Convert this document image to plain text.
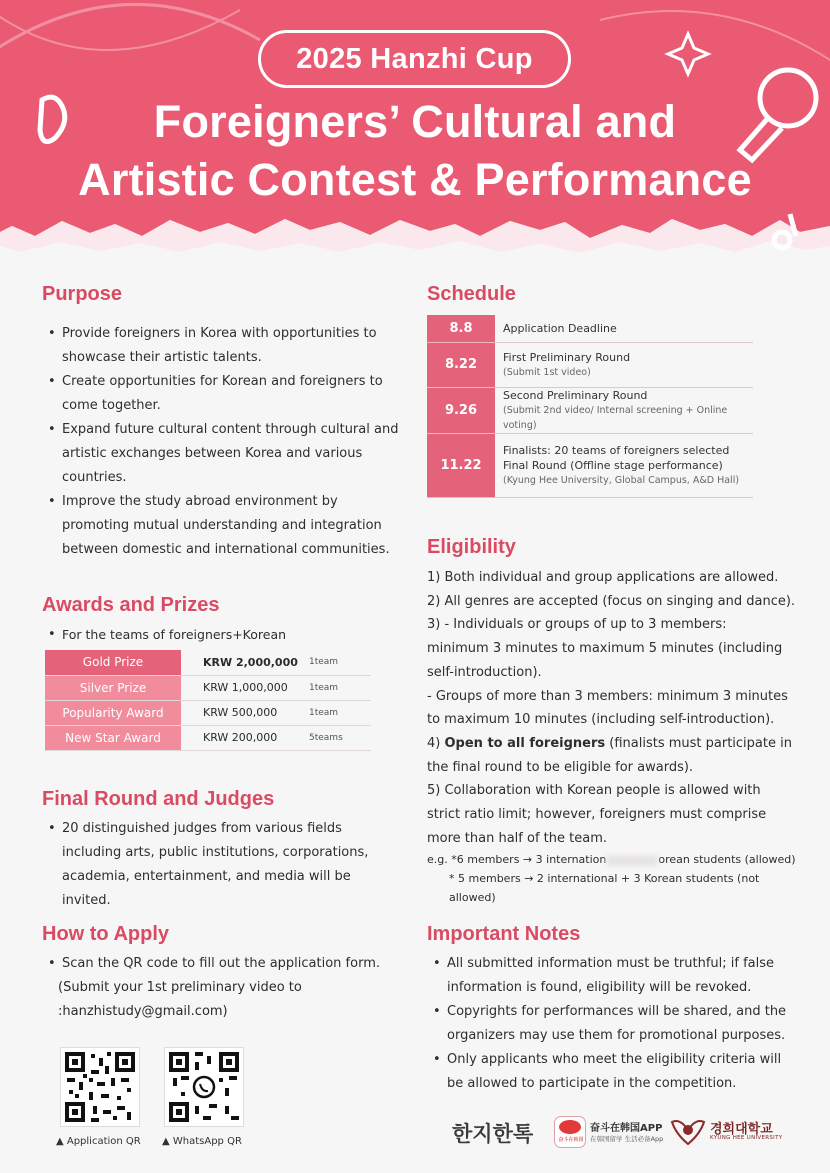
2025 Hanzhi Cup
Foreigners’ Cultural and
Artistic Contest & Performance
Purpose
• Provide foreigners in Korea with opportunities to showcase their artistic talents.
• Create opportunities for Korean and foreigners to come together.
• Expand future cultural content through cultural and artistic exchanges between Korea and various countries.
• Improve the study abroad environment by promoting mutual understanding and integration between domestic and international communities.
Awards and Prizes
• For the teams of foreigners+Korean
Gold Prize	KRW 2,000,000	1team
Silver Prize	KRW 1,000,000	1team
Popularity Award	KRW 500,000	1team
New Star Award	KRW 200,000	5teams
Final Round and Judges
• 20 distinguished judges from various fields including arts, public institutions, corporations, academia, entertainment, and media will be invited.
How to Apply
• Scan the QR code to fill out the application form.
(Submit your 1st preliminary video to
:hanzhistudy@gmail.com)
▲ Application QR ▲ WhatsApp QR
Schedule
8.8	Application Deadline
8.22	First Preliminary Round
(Submit 1st video)

9.26	Second Preliminary Round
(Submit 2nd video/ Internal screening + Online voting)

11.22	Finalists: 20 teams of foreigners selected
Final Round (Offline stage performance)
(Kyung Hee University, Global Campus, A&D Hall)
Eligibility

1) Both individual and group applications are allowed.

2) All genres are accepted (focus on singing and dance).

3) - Individuals or groups of up to 3 members:

minimum 3 minutes to maximum 5 minutes (including

self-introduction).

- Groups of more than 3 members: minimum 3 minutes

to maximum 10 minutes (including self-introduction).

4) Open to all foreigners (finalists must participate in

the final round to be eligible for awards).

5) Collaboration with Korean people is allowed with

strict ratio limit; however, foreigners must comprise

more than half of the team.

e.g. *6 members → 3 internation	orean students (allowed)

* 5 members → 2 international + 3 Korean students (not allowed)

Important Notes
• All submitted information must be truthful; if false information is found, eligibility will be revoked.
• Copyrights for performances will be shared, and the organizers may use them for promotional purposes.
• Only applicants who meet the eligibility criteria will be allowed to participate in the competition.
한지한톡	奋斗在韩国
奋斗在韩国APP
在韩国留学 生活必备App
경희대학교
KYUNG HEE UNIVERSITY
